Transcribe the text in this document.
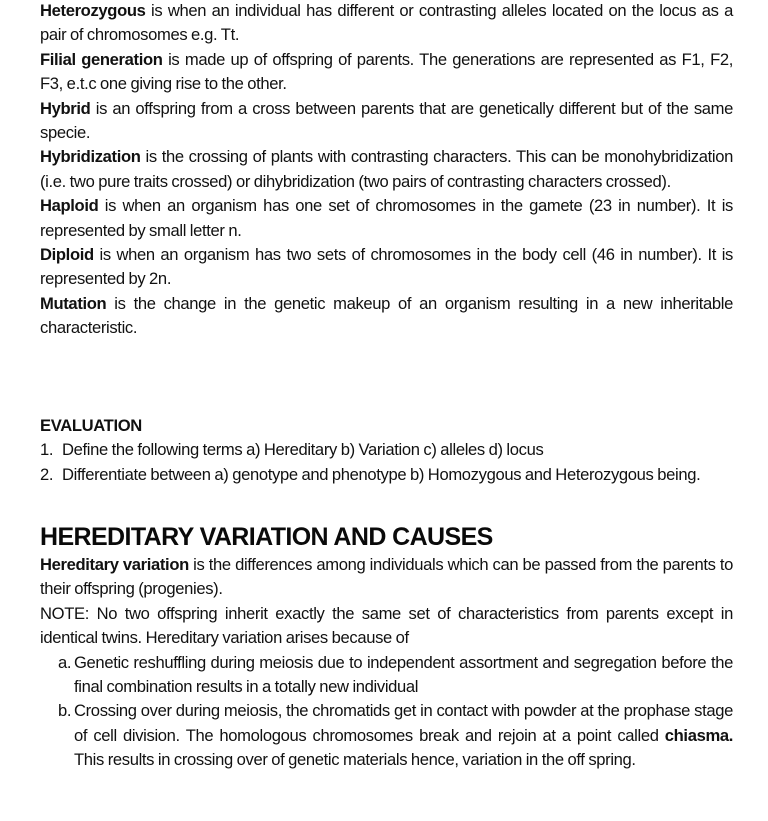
Heterozygous is when an individual has different or contrasting alleles located on the locus as a pair of chromosomes e.g. Tt.

Filial generation is made up of offspring of parents. The generations are represented as F1, F2, F3, e.t.c one giving rise to the other.

Hybrid is an offspring from a cross between parents that are genetically different but of the same specie.

Hybridization is the crossing of plants with contrasting characters. This can be monohybridization (i.e. two pure traits crossed) or dihybridization (two pairs of contrasting characters crossed).

Haploid is when an organism has one set of chromosomes in the gamete (23 in number). It is represented by small letter n.

Diploid is when an organism has two sets of chromosomes in the body cell (46 in number). It is represented by 2n.

Mutation is the change in the genetic makeup of an organism resulting in a new inheritable characteristic.

EVALUATION

1. Define the following terms a) Hereditary b) Variation c) alleles d) locus
2. Differentiate between a) genotype and phenotype b) Homozygous and Heterozygous being.
HEREDITARY VARIATION AND CAUSES

Hereditary variation is the differences among individuals which can be passed from the parents to their offspring (progenies).

NOTE: No two offspring inherit exactly the same set of characteristics from parents except in identical twins. Hereditary variation arises because of

a. Genetic reshuffling during meiosis due to independent assortment and segregation before the final combination results in a totally new individual
b. Crossing over during meiosis, the chromatids get in contact with powder at the prophase stage of cell division. The homologous chromosomes break and rejoin at a point called chiasma. This results in crossing over of genetic materials hence, variation in the off spring.
